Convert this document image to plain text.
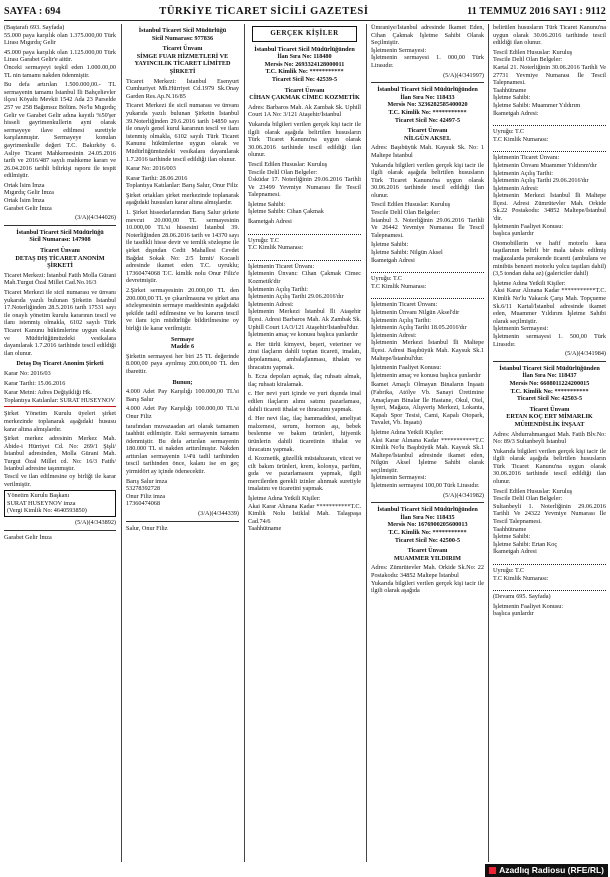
SAYFA : 694	TÜRKİYE TİCARET SİCİLİ GAZETESİ	11 TEMMUZ 2016 SAYI : 9112
(Baştarafı 693. Sayfada)
55.000 paya karşılık olan 1.375.000,00 Türk Lirası Mıgırdıç Gelir
45.000 paya karşılık olan 1.125.000,00 Türk Lirası Garabet Gelir'e aittir.
Önceki sermayeyi teşkil eden 1.000.00,00 TL nin tamamı nakden ödenmiştir.
Bu defa artırılan 1.500.000,00.- TL sermayenin tamamı İstanbul İli Bahçelievler ilçesi Köyaltı Mevkii 1542 Ada 23 Parselde 257 ve 258 Bağımsız Bölüm. No'lu Mıgırdıç Gelir ve Garabet Gelir adına kayıtlı %50'şer hisseli gayrimenkullerin ayni olarak sermayeye ilave edilmesi suretiyle karşılanmıştır. Sermayeye konulan gayrimenkulle değeri T.C. Bakırköy 6. Asliye Ticaret Mahkemesinin 24.05.2016 tarih ve 2016/487 sayılı mahkeme kararı ve 26.04.2016 tarihli bilirkişi raporu ile tespit edilmiştir.
Ortak İsim İmza
Mıgırdıç Gelir İmza
Ortak İsim İmza
Garabet Gelir İmza
(3/A)(4/344026)
İstanbul Ticaret Sicil Müdürlüğü
Sicil Numarası: 147908
Ticaret Ünvanı
DETAŞ DIŞ TİCARET ANONİM ŞİRKETİ
Ticaret Merkezi: İstanbul Fatih Molla Gürani Mah.Turgut Özal Millet Cad.No.16/3
Ticaret Merkezi ile sicil numarası ve ünvanı yukarıda yazılı bulunan Şirketin İstanbul 17.Noterliğinden 28.5.2016 tarih 17531 sayı ile onaylı yönetim kurulu kararının tescil ve ilanı istenmiş olmakla, 6102 sayılı Türk Ticaret Kanunu hükümlerine uygun olarak ve Müdürlüğümüzdeki vesikalara dayanılarak 1.7.2016 tarihinde tescil edildiği ilan olunur.
Detaş Dış Ticaret Anonim Şirketi
Karar No: 2016/03
Karar Tarihi: 15.06.2016
Karar Metni: Adres Değişikliği Hk.
Toplantıya Katılanlar: SURAT HUSEYNOV
Şirket Yönetim Kurulu üyeleri şirket merkezinde toplanarak aşağıdaki hususu karar altına almışlardır.
Şirket merkez adresinin Merkez Mah. Abide-i Hürriyet Cd. No: 269/1 Şişli/İstanbul adresinden, Molla Gürani Mah. Turgut Özal Millet cd. No: 16/3 Fatih/İstanbul adresine taşınmıştır.
Tescil ve ilan edilmesine oy birliği ile karar verilmiştir.
Yönetim Kurulu Başkanı
SURAT HUSEYNOV imza
(Vergi Kimlik No: 4640593850)
(5/A)(4/343892)
Garabet Gelir İmza
İstanbul Ticaret Sicil Müdürlüğü
Sicil Numarası: 977836
Ticaret Ünvanı
SİMGE FUAR HİZMETLERİ VE YAYINCILIK TİCARET LİMİTED ŞİRKETİ
Ticaret Merkezi: İstanbul Esenyurt Cumhuriyet Mh.Hürriyet Cd.1979 Sk.Onay Garden Res.Ap.N.16/85
Ticaret Merkezi ile sicil numarası ve ünvanı yukarıda yazılı bulunan Şirketin İstanbul 39.Noterliğinden 29.6.2016 tarih 14850 sayı ile onaylı genel kurul kararının tescil ve ilanı istenmiş olmakla, 6102 sayılı Türk Ticaret Kanunu hükümlerine uygun olarak ve Müdürlüğümüzdeki vesikalara dayanılarak 1.7.2016 tarihinde tescil edildiği ilan olunur.
Karar No: 2016/003
Karar Tarihi: 28.06.2016
Toplantıya Katılanlar: Barış Salur, Onur Filiz
Şirket ortakları şirket merkezinde toplanarak aşağıdaki hususları karar altına almışlardır.
1. Şirket hissedarlarından Barış Salur şirkete mevcut 20.000,00 TL sermayesinin 10.000,00 TL'si hissesini İstanbul 39. Noterliğinden 28.06.2016 tarih ve 14370 sayı ile tasdikli hisse devir ve temlik sözleşme ile şirket dışından Cedit Mahallesi Cevdet Bağdat Sokak No: 2/5 İzmit/ Kocaeli adresinde ikamet eden T.C. uyruklu; 17360474068 T.C. kimlik nolu Onur Filiz'e devretmiştir.
2.Şirket sermayesinin 20.000,00 TL den 200.000,00 TL ye çıkarılmasına ve şirket ana sözleşmesinin sermaye maddesinin aşağıdaki şekilde tadil edilmesine ve bu kararın tescil ve ilanı için müdürlüğe bildirilmesine oy birliği ile karar verilmiştir.
Sermaye
Madde 6
Şirketin sermayesi her biri 25 TL değerinde 8.000,00 paya ayrılmış 200.000,00 TL den ibarettir.
Bunun;
4.000 Adet Pay Karşılığı 100.000,00 TL'si Barış Salur
4.000 Adet Pay Karşılığı 100.000,00 TL'si Onur Filiz
tarafından muvazaadan ari olarak tamamen taahhüt edilmiştir. Eski sermayenin tamamı ödenmiştir. Bu defa artırılan sermayenin 180.000 TL si nakden arttırılmıştır. Nakden arttırılan sermayenin 1/4'ü tadil tarihinden tescil tarihinden önce, kalanı ise en geç yirmidört ay içinde ödenecektir.
Barış Salur imza
53278392728
Onur Filiz imza
17360474068
(3/A)(4/344339)
Salur, Onur Filiz
GERÇEK KİŞİLER
İstanbul Ticaret Sicil Müdürlüğünden
İlan Sıra No: 118480
Mersis No: 2693324128000011
T.C. Kimlik No: ***********
Ticaret Sicil No: 42539-5
Ticaret Ünvanı
CİHAN ÇAKMAK CİMEC KOZMETİK
Adres: Barbaros Mah. Ak Zambak Sk. Uphill Court 1A No: 3/121 Ataşehir/İstanbul
Yukarıda bilgileri verilen gerçek kişi tacir ile ilgili olarak aşağıda belirtilen hususların Türk Ticaret Kanunu'na uygun olarak 30.06.2016 tarihinde tescil edildiği ilan olunur.
Tescil Edilen Hususlar: Kuruluş
Tescile Delil Olan Belgeler:
Üsküdar 17. Noterliğinin 29.06.2016 Tarihli Ve 23499 Yevmiye Numarası İle Tescil Talepnamesi.
İşletme Sahibi:
İşletme Sahibi: Cihan Çakmak
İkametgah Adresi
Uyruğu: T.C
T.C Kimlik Numarası:
İşletmenin Ticaret Ünvanı:
İşletmenin Ünvanı: Cihan Çakmak Cimec Kozmetik'dir
İşletmenin Açılış Tarihi:
İşletmenin Açılış Tarihi 29.06.2016'dır
İşletmenin Adresi:
İşletmenin Merkezi İstanbul İli Ataşehir İlçesi. Adresi Barbaros Mah. Ak Zambak Sk. Uphill Court 1A/3/121 Ataşehir/İstanbul'dur.
İşletmenin amaç ve konusu başlıca şunlardır
a. Her türlü kimyevi, beşeri, veteriner ve zirai ilaçların dahili toptan ticareti, imalatı, depolanması, ambalajlanması, ithalatı ve ihracatını yapmak.
b. Ecza depoları açmak, ilaç ruhsatı almak, ilaç ruhsatı kiralamak.
c. Her nevi yurt içinde ve yurt dışında imal edilen ilaçların alımı satımı pazarlaması, dahili ticareti ithalat ve ihracatını yapmak.
d. Her nevi ilaç, ilaç hammaddesi, ameliyat malzemesi, serum, hormon aşı, bebek beslenme ve bakım ürünleri, hijyenik ürünlerin dahili ticaretinin ithalat ve ihracatını yapmak.
d. Kozmetik, güzellik müstahzaratı, vücut ve cilt bakım ürünleri, krem, kolonya, parfüm, gıda ve pazarlamasını yapmak, ilgili mercilerden gerekli izinler alınmak suretiyle imalatını ve ticaretini yapmak.
İşletme Adına Yetkili Kişiler:
Akai Karar Alınana Kadar ***********T.C. Kimlik Nolu İstiklal Mah. Talaşpaşa Cad.74/6
Taahhütname
Ümraniye/İstanbul adresinde İkamet Eden, Cihan Çakmak İşletme Sahibi Olarak Seçilmiştir.
İşletmenin Sermayesi:
İşletmenin sermayesi 1. 000,00 Türk Lirasıdır.
(5/A)(4/341997)
İstanbul Ticaret Sicil Müdürlüğünden
İlan Sıra No: 118433
Mersis No: 3236282585400020
T.C. Kimlik No: ***********
Ticaret Sicil No: 42497-5
Ticaret Ünvanı
NİLGÜN AKSEL
Adres: Başıbüyük Mah. Kaysuk Sk. No: 1 Maltepe İstanbul
Yukarıda bilgileri verilen gerçek kişi tacir ile ilgili olarak aşağıda belirtilen hususların Türk Ticaret Kanunu'na uygun olarak 30.06.2016 tarihinde tescil edildiği ilan olunur.
Tescil Edilen Hususlar: Kuruluş
Tescile Delil Olan Belgeler:
İstanbul 3. Noterliğinin 29.06.2016 Tarihli Ve 26442 Yevmiye Numarası İle Tescil Talepnamesi.
İşletme Sahibi:
İşletme Sahibi: Nilgün Aksel
İkametgah Adresi
Uyruğu: T.C
T.C Kimlik Numarası:
İşletmenin Ticaret Ünvanı:
İşletmenin Ünvanı Nilgün Aksel'dir
İşletmenin Açılış Tarihi:
İşletmenin Açılış Tarihi 18.05.2016'dır
İşletmenin Adresi:
İşletmenin Merkezi İstanbul İli Maltepe İlçesi. Adresi Başıbüyük Mah. Kaysuk Sk.1 Maltepe/İstanbul'dur.
İşletmenin Faaliyet Konusu:
İşletmenin amaç ve konusu başlıca şunlardır
İkamet Amaçlı Olmayan Binaların İnşaatı (Fabrika, Atölye Vb. Sanayi Üretimine Amaçlayan Binalar İle Hastane, Okul, Otel, İşyeri, Mağaza, Alışveriş Merkezi, Lokanta, Kapalı Spor Tesisi, Cami, Kapalı Otopark, Tuvalet, Vb. İnşaatı)
İşletme Adına Yetkili Kişiler:
Aksi Karar Alınana Kadar ***********T.C Kimlik No'lu Başıbüyük Mah. Kaysuk Sk.1 Maltepe/İstanbul adresinde ikamet eden, Nilgün Aksel İşletme Sahibi olarak seçilmiştir.
İşletmenin Sermayesi:
İşletmenin sermayesi 100,00 Türk Lirasıdır.
(5/A)(4/341982)
İstanbul Ticaret Sicil Müdürlüğünden
İlan Sıra No: 118435
Mersis No: 1676900205600013
T.C. Kimlik No: ***********
Ticaret Sicil No: 42500-5
Ticaret Ünvanı
MUAMMER YILDIRIM
Adres: Zümrütevler Mah. Orkide Sk.No: 22 Postakodu: 34852 Maltepe İstanbul
Yukarıda bilgileri verilen gerçek kişi tacir ile ilgili olarak aşağıda
belirtilen hususların Türk Ticaret Kanunu'na uygun olarak 30.06.2016 tarihinde tescil edildiği ilan olunur.
Tescil Edilen Hususlar: Kuruluş
Tescile Delil Olan Belgeler:
Kartal 21. Noterliğinin 30.06.2016 Tarihli Ve 27731 Yevmiye Numarası İle Tescil Talepnamesi.
Taahhütname
İşletme Sahibi:
İşletme Sahibi: Muammer Yıldırım
İkametgah Adresi:
Uyruğu: T.C
T.C Kimlik Numarası:
İşletmenin Ticaret Ünvanı:
İşletmenin Ünvanı Muammer Yıldırım'dır
İşletmenin Açılış Tarihi:
İşletmenin Açılış Tarihi 29.06.2016'dır
İşletmenin Adresi:
İşletmenin Merkezi İstanbul İli Maltepe İlçesi. Adresi Zümrütevler Mah. Orkide Sk.22 Postakodu: 34852 Maltepe/İstanbul 'dir.
İşletmenin Faaliyet Konusu:
başlıca şunlardır
Otomobillerin ve hafif motorlu kara taşıtlarının belirli bir mala tahsis edilmiş mağazalarda perakende ticareti (ambulans ve minibüs benzeri motorlu yolcu taşıtları dahil) (3,5 tondan daha az) (galericiler dahil)
İşletme Adına Yetkili Kişiler:
Aksi Karar Alınana Kadar ***********T.C. Kimlik No'lu Yakacık Çarşı Mah. Topçueme Sk.6/11 Kartal/İstanbul adresinde ikamet eden, Muammer Yıldırım İşletme Sahibi olarak seçilmiştir.
İşletmenin Sermayesi:
İşletmenin sermayesi 1. 500,00 Türk Lirasıdır.
(5/A)(4/341984)
İstanbul Ticaret Sicil Müdürlüğünden
İlan Sıra No: 118437
Mersis No: 6608011224200015
T.C. Kimlik No: ***********
Ticaret Sicil No: 42503-5
Ticaret Ünvanı
ERTAN KOÇ ERT MİMARLIK MÜHENDİSLİK İNŞAAT
Adres: Abdurrahmangazi Mah. Fatih Blv.No: No: 89/3 Sultanbeyli İstanbul
Yukarıda bilgileri verilen gerçek kişi tacir ile ilgili olarak aşağıda belirtilen hususların Türk Ticaret Kanunu'na uygun olarak 30.06.2016 tarihinde tescil edildiği ilan olunur.
Tescil Edilen Hususlar: Kuruluş
Tescile Delil Olan Belgeler:
Sultanbeyli 1. Noterliğinin 29.06.2016 Tarihli Ve 24322 Yevmiye Numarası İle Tescil Talepnamesi.
Taahhütname
İşletme Sahibi:
İşletme Sahibi: Ertan Koç
İkametgah Adresi
Uyruğu: T.C
T.C Kimlik Numarası:
(Devamı 695. Sayfada)
İşletmenin Faaliyet Konusu:
başlıca şunlardır
Azadlıq Radiosu (RFE/RL)
